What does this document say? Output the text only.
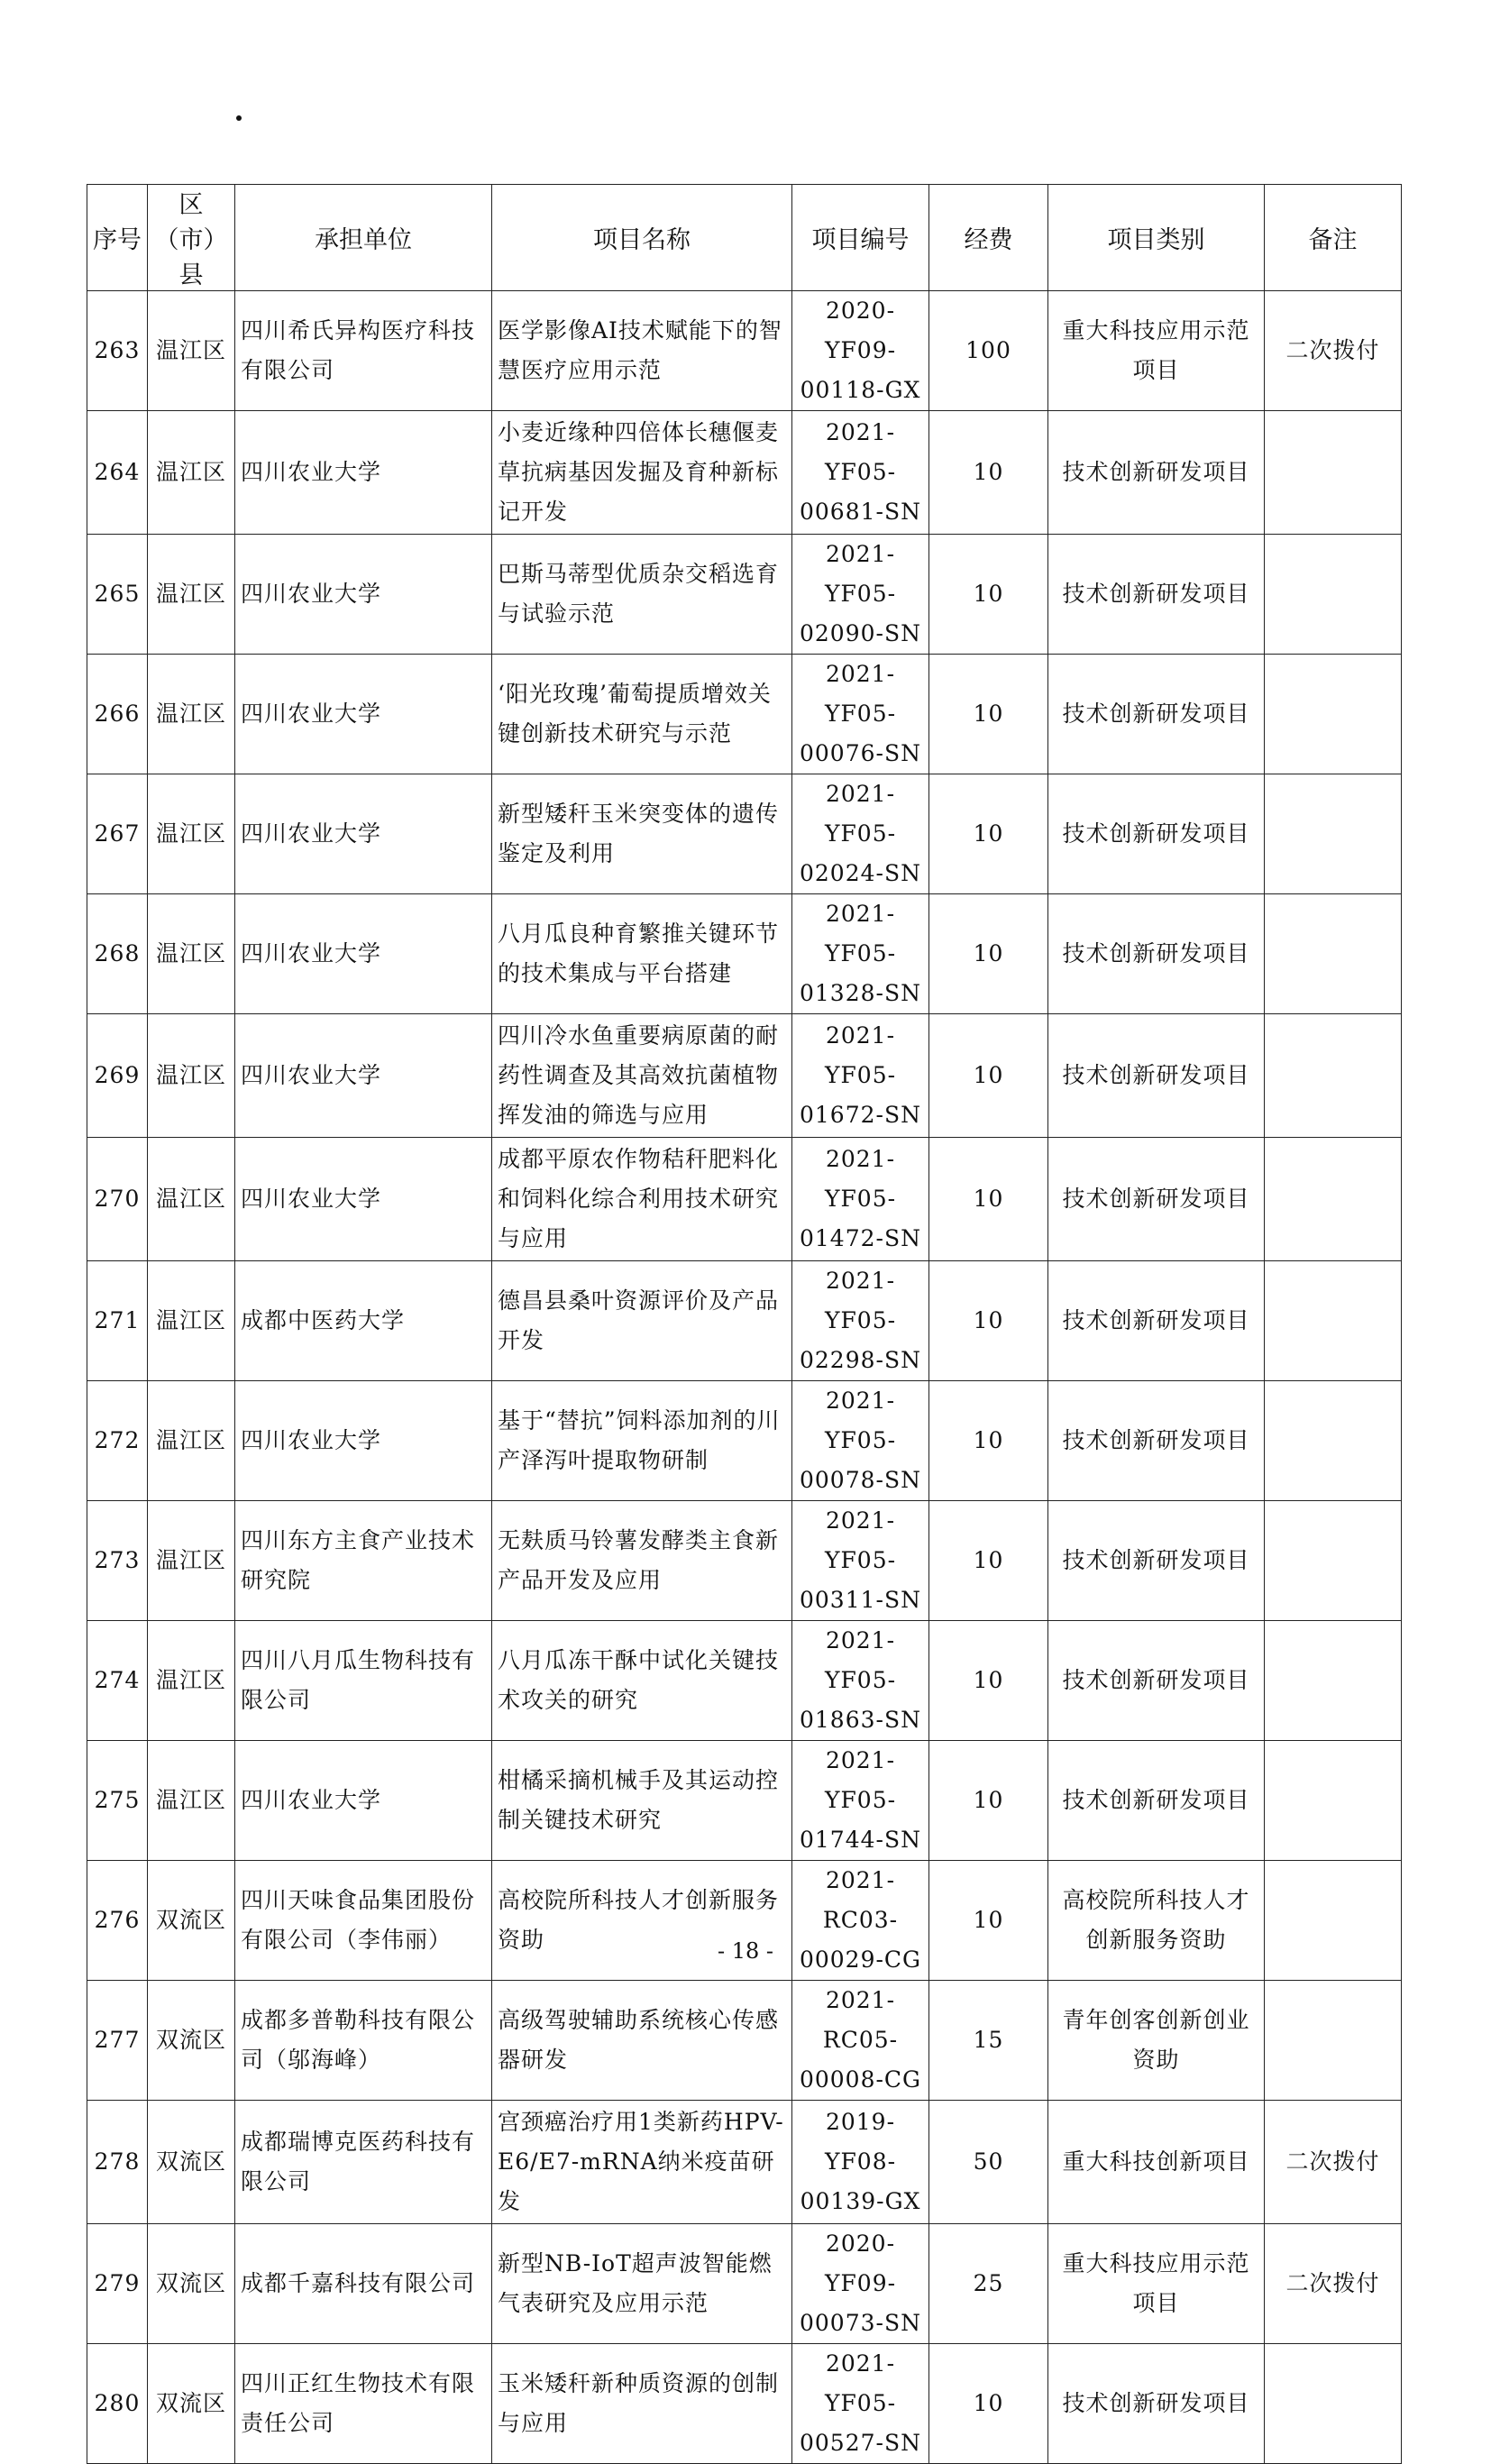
序号	区（市）县	承担单位	项目名称	项目编号	经费	项目类别	备注
263	温江区	四川希氏异构医疗科技有限公司	医学影像AI技术赋能下的智慧医疗应用示范	2020-YF09-00118-GX	100	重大科技应用示范项目	二次拨付
264	温江区	四川农业大学	小麦近缘种四倍体长穗偃麦草抗病基因发掘及育种新标记开发	2021-YF05-00681-SN	10	技术创新研发项目	
265	温江区	四川农业大学	巴斯马蒂型优质杂交稻选育与试验示范	2021-YF05-02090-SN	10	技术创新研发项目	
266	温江区	四川农业大学	‘阳光玫瑰’葡萄提质增效关键创新技术研究与示范	2021-YF05-00076-SN	10	技术创新研发项目	
267	温江区	四川农业大学	新型矮秆玉米突变体的遗传鉴定及利用	2021-YF05-02024-SN	10	技术创新研发项目	
268	温江区	四川农业大学	八月瓜良种育繁推关键环节的技术集成与平台搭建	2021-YF05-01328-SN	10	技术创新研发项目	
269	温江区	四川农业大学	四川冷水鱼重要病原菌的耐药性调查及其高效抗菌植物挥发油的筛选与应用	2021-YF05-01672-SN	10	技术创新研发项目	
270	温江区	四川农业大学	成都平原农作物秸秆肥料化和饲料化综合利用技术研究与应用	2021-YF05-01472-SN	10	技术创新研发项目	
271	温江区	成都中医药大学	德昌县桑叶资源评价及产品开发	2021-YF05-02298-SN	10	技术创新研发项目	
272	温江区	四川农业大学	基于“替抗”饲料添加剂的川产泽泻叶提取物研制	2021-YF05-00078-SN	10	技术创新研发项目	
273	温江区	四川东方主食产业技术研究院	无麸质马铃薯发酵类主食新产品开发及应用	2021-YF05-00311-SN	10	技术创新研发项目	
274	温江区	四川八月瓜生物科技有限公司	八月瓜冻干酥中试化关键技术攻关的研究	2021-YF05-01863-SN	10	技术创新研发项目	
275	温江区	四川农业大学	柑橘采摘机械手及其运动控制关键技术研究	2021-YF05-01744-SN	10	技术创新研发项目	
276	双流区	四川天味食品集团股份有限公司（李伟丽）	高校院所科技人才创新服务资助	2021-RC03-00029-CG	10	高校院所科技人才创新服务资助	
277	双流区	成都多普勒科技有限公司（邬海峰）	高级驾驶辅助系统核心传感器研发	2021-RC05-00008-CG	15	青年创客创新创业资助	
278	双流区	成都瑞博克医药科技有限公司	宫颈癌治疗用1类新药HPV-E6/E7-mRNA纳米疫苗研发	2019-YF08-00139-GX	50	重大科技创新项目	二次拨付
279	双流区	成都千嘉科技有限公司	新型NB-IoT超声波智能燃气表研究及应用示范	2020-YF09-00073-SN	25	重大科技应用示范项目	二次拨付
280	双流区	四川正红生物技术有限责任公司	玉米矮秆新种质资源的创制与应用	2021-YF05-00527-SN	10	技术创新研发项目	
- 18 -
